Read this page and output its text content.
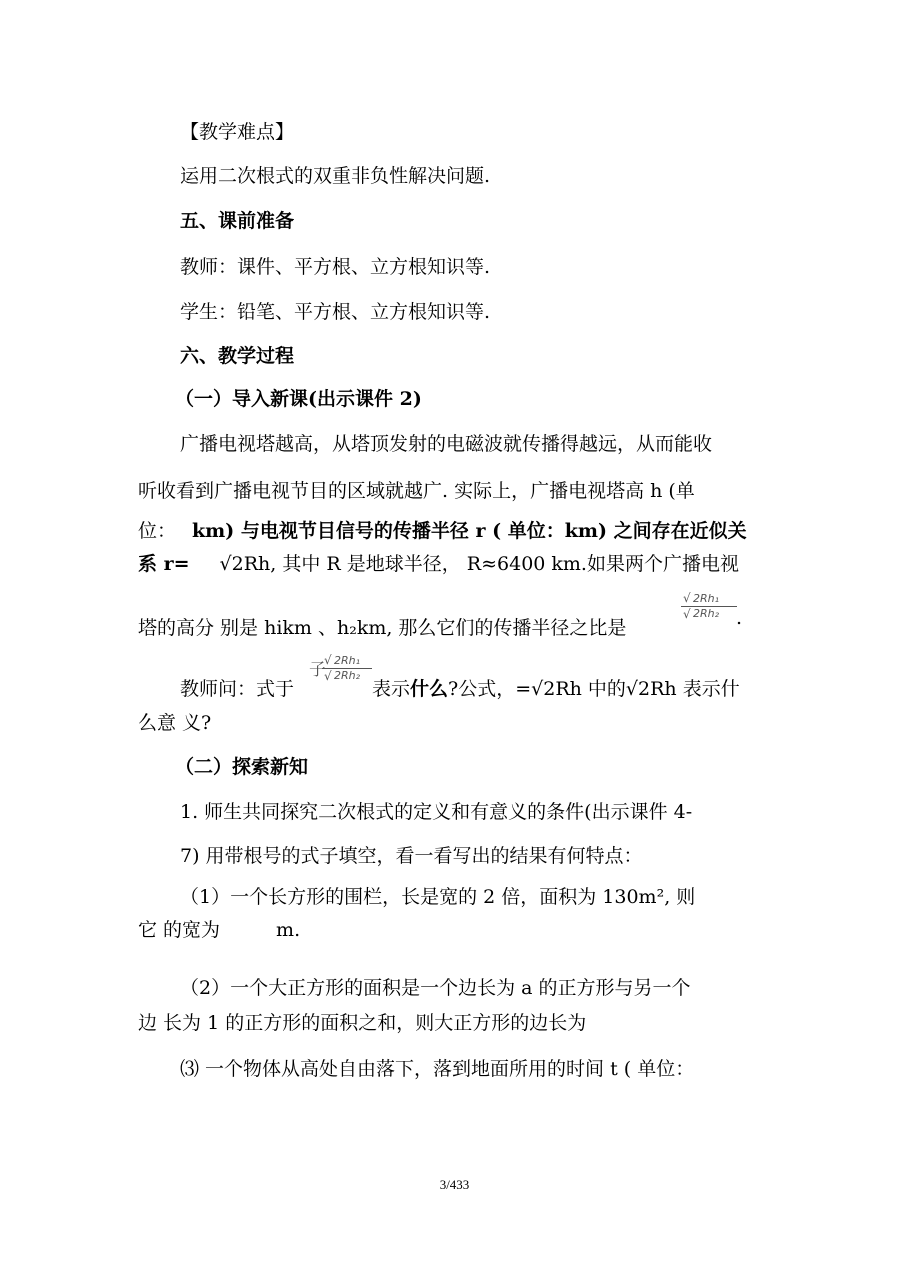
【教学难点】
运用二次根式的双重非负性解决问题.
五、课前准备
教师：课件、平方根、立方根知识等.
学生：铅笔、平方根、立方根知识等.
六、教学过程
（一）导入新课(出示课件 2)
广播电视塔越高，从塔顶发射的电磁波就传播得越远，从而能收
听收看到广播电视节目的区域就越广. 实际上，广播电视塔高 h (单
位： km) 与电视节目信号的传播半径 r ( 单位：km) 之间存在近似关
系 r= √2Rh, 其中 R 是地球半径， R≈6400 km.如果两个广播电视
塔的高分 别是 hikm 、h₂km, 那么它们的传播半径之比是
√ 2Rh₁
√ 2Rh₂ .
教师问：式于	表示什么?公式，=√2Rh 中的√2Rh 表示什
子
√ 2Rh₁
√ 2Rh₂
么意 义?
（二）探索新知
1. 师生共同探究二次根式的定义和有意义的条件(出示课件 4-
7) 用带根号的式子填空，看一看写出的结果有何特点：
（1）一个长方形的围栏，长是宽的 2 倍，面积为 130m², 则
它 的宽为	m.
（2）一个大正方形的面积是一个边长为 a 的正方形与另一个
边 长为 1 的正方形的面积之和，则大正方形的边长为
⑶ 一个物体从高处自由落下，落到地面所用的时间 t ( 单位：
3/433
